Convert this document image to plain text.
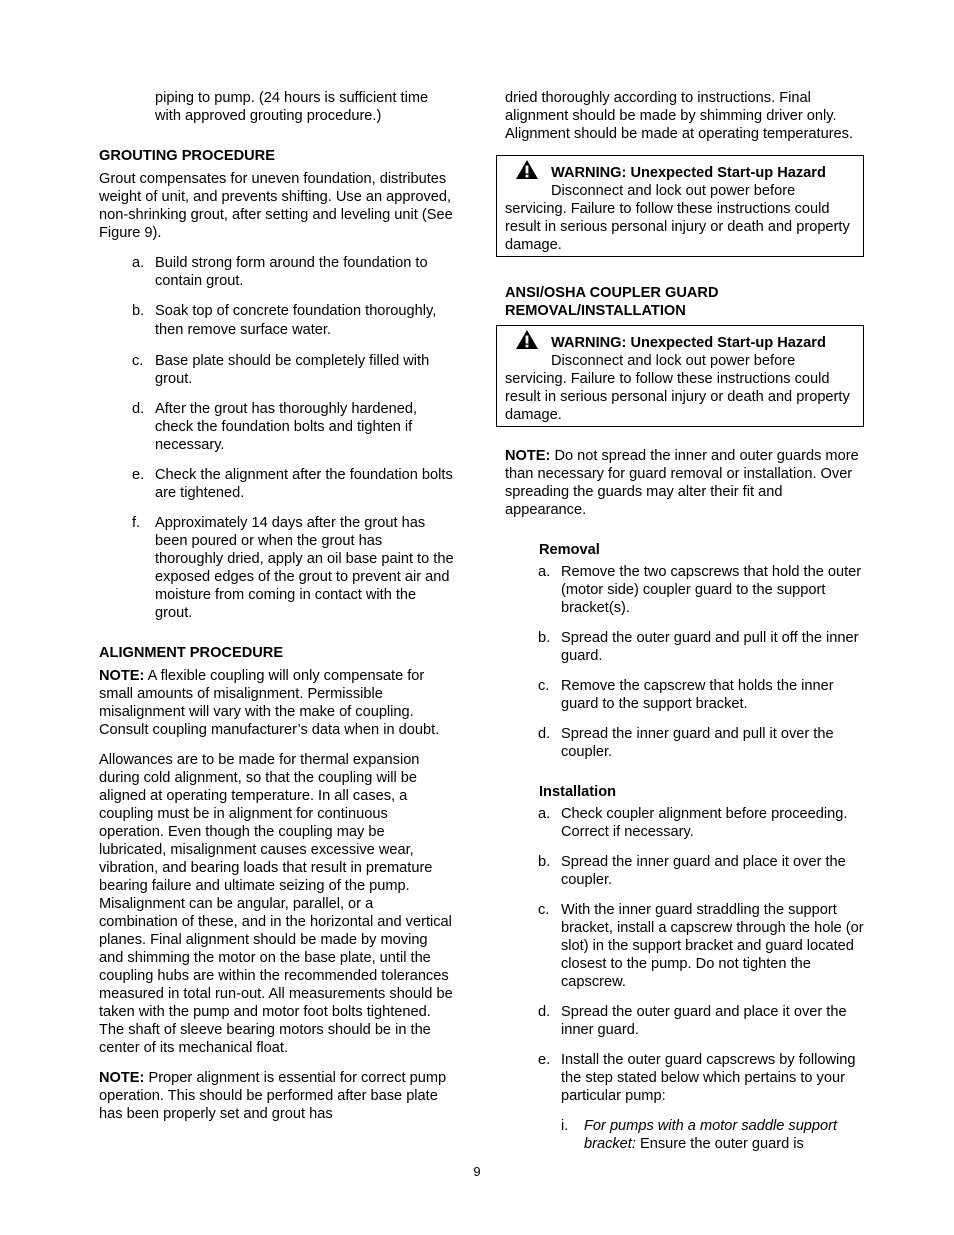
piping to pump. (24 hours is sufficient time with approved grouting procedure.)

GROUTING PROCEDURE

Grout compensates for uneven foundation, distributes weight of unit, and prevents shifting. Use an approved, non-shrinking grout, after setting and leveling unit (See Figure 9).

a. Build strong form around the foundation to contain grout.
b. Soak top of concrete foundation thoroughly, then remove surface water.
c. Base plate should be completely filled with grout.
d. After the grout has thoroughly hardened, check the foundation bolts and tighten if necessary.
e. Check the alignment after the foundation bolts are tightened.
f. Approximately 14 days after the grout has been poured or when the grout has thoroughly dried, apply an oil base paint to the exposed edges of the grout to prevent air and moisture from coming in contact with the grout.

ALIGNMENT PROCEDURE

NOTE: A flexible coupling will only compensate for small amounts of misalignment. Permissible misalignment will vary with the make of coupling. Consult coupling manufacturer’s data when in doubt.

Allowances are to be made for thermal expansion during cold alignment, so that the coupling will be aligned at operating temperature. In all cases, a coupling must be in alignment for continuous operation. Even though the coupling may be lubricated, misalignment causes excessive wear, vibration, and bearing loads that result in premature bearing failure and ultimate seizing of the pump. Misalignment can be angular, parallel, or a combination of these, and in the horizontal and vertical planes. Final alignment should be made by moving and shimming the motor on the base plate, until the coupling hubs are within the recommended tolerances measured in total run-out. All measurements should be taken with the pump and motor foot bolts tightened. The shaft of sleeve bearing motors should be in the center of its mechanical float.

NOTE: Proper alignment is essential for correct pump operation. This should be performed after base plate has been properly set and grout has

dried thoroughly according to instructions. Final alignment should be made by shimming driver only. Alignment should be made at operating temperatures.

WARNING: Unexpected Start-up Hazard
Disconnect and lock out power before
servicing. Failure to follow these instructions could result in serious personal injury or death and property damage.

ANSI/OSHA COUPLER GUARD

REMOVAL/INSTALLATION

WARNING: Unexpected Start-up Hazard
Disconnect and lock out power before
servicing. Failure to follow these instructions could result in serious personal injury or death and property damage.

NOTE: Do not spread the inner and outer guards more than necessary for guard removal or installation. Over spreading the guards may alter their fit and appearance.

Removal

a. Remove the two capscrews that hold the outer (motor side) coupler guard to the support bracket(s).
b. Spread the outer guard and pull it off the inner guard.
c. Remove the capscrew that holds the inner guard to the support bracket.
d. Spread the inner guard and pull it over the coupler.

Installation

a. Check coupler alignment before proceeding. Correct if necessary.
b. Spread the inner guard and place it over the coupler.
c. With the inner guard straddling the support bracket, install a capscrew through the hole (or slot) in the support bracket and guard located closest to the pump. Do not tighten the capscrew.
d. Spread the outer guard and place it over the inner guard.
e. Install the outer guard capscrews by following the step stated below which pertains to your particular pump:
i. For pumps with a motor saddle support bracket: Ensure the outer guard is
9
